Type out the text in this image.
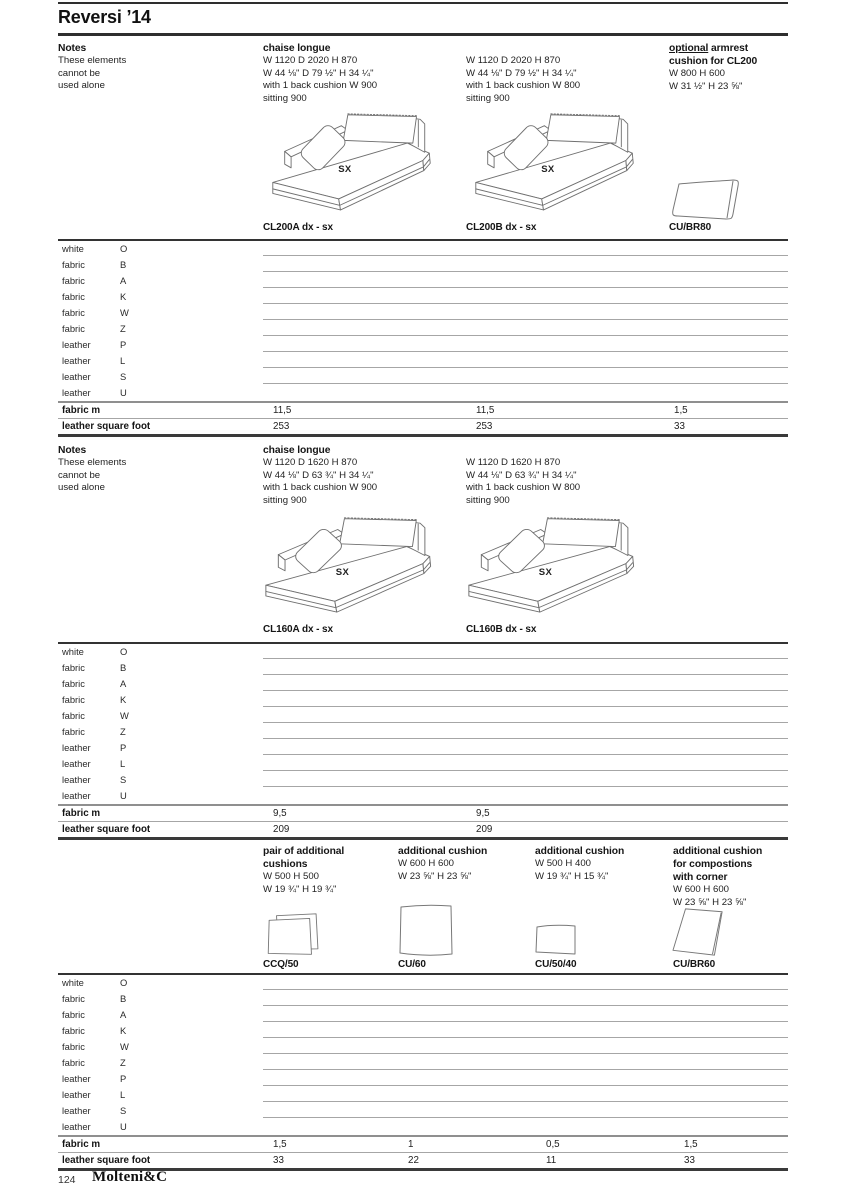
Reversi ’14
Notes
These elements
cannot be
used alone
chaise longue
W 1120 D 2020 H 870
W 44 ⅛" D 79 ½" H 34 ¼"
with 1 back cushion W 900
sitting 900
W 1120 D 2020 H 870
W 44 ⅛" D 79 ½" H 34 ¼"
with 1 back cushion W 800
sitting 900
optional armrest
cushion for CL200
W 800 H 600
W 31 ½" H 23 ⅝"
SX	SX
CL200A dx - sx	CL200B dx - sx	CU/BR80
white	O
fabric	B
fabric	A
fabric	K
fabric	W
fabric	Z
leather	P
leather	L
leather	S
leather	U
fabric m	11,5	11,5	1,5
leather square foot	253	253	33
Notes
These elements
cannot be
used alone
chaise longue
W 1120 D 1620 H 870
W 44 ⅛" D 63 ¾" H 34 ¼"
with 1 back cushion W 900
sitting 900
W 1120 D 1620 H 870
W 44 ⅛" D 63 ¾" H 34 ¼"
with 1 back cushion W 800
sitting 900
SX	SX
CL160A dx - sx	CL160B dx - sx
white	O
fabric	B
fabric	A
fabric	K
fabric	W
fabric	Z
leather	P
leather	L
leather	S
leather	U
fabric m	9,5	9,5
leather square foot	209	209
pair of additional
cushions
W 500 H 500
W 19 ¾" H 19 ¾"
additional cushion
W 600 H 600
W 23 ⅝" H 23 ⅝"
additional cushion
W 500 H 400
W 19 ¾" H 15 ¾"
additional cushion
for compostions
with corner
W 600 H 600
W 23 ⅝" H 23 ⅝"
CCQ/50	CU/60	CU/50/40	CU/BR60
white	O
fabric	B
fabric	A
fabric	K
fabric	W
fabric	Z
leather	P
leather	L
leather	S
leather	U
fabric m	1,5	1	0,5	1,5
leather square foot	33	22	11	33
124 Molteni&C
